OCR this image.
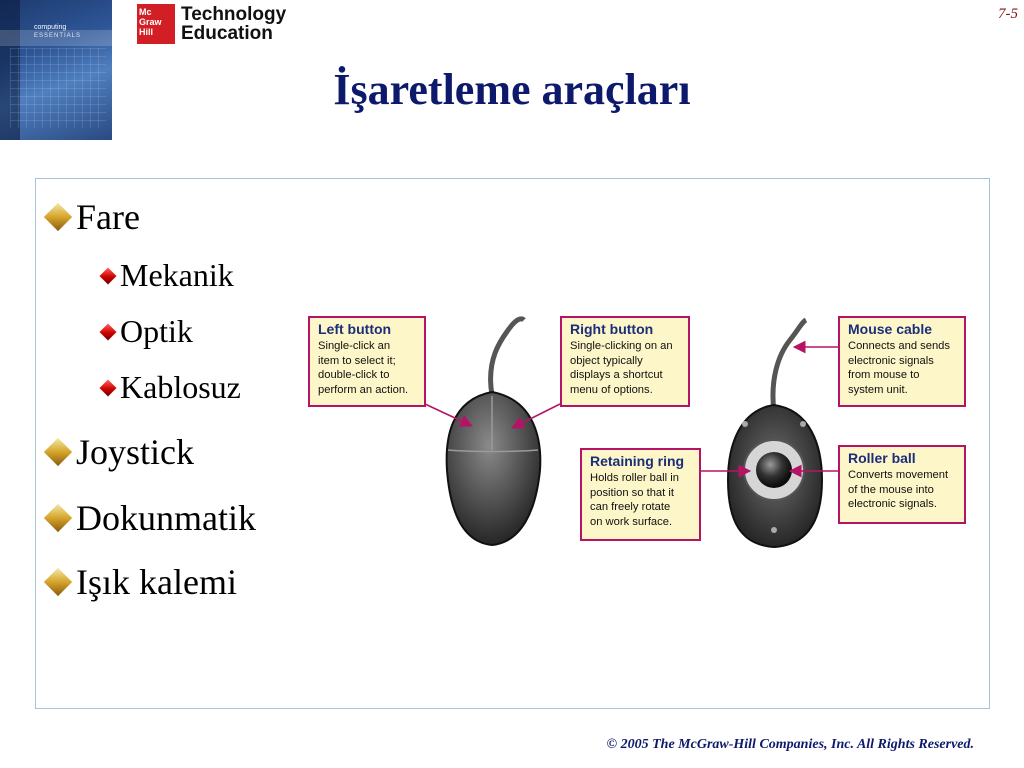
computing
ESSENTIALS
Mc
Graw
Hill
Technology
Education
7-5
İşaretleme araçları
Fare
Mekanik
Optik
Kablosuz
Joystick
Dokunmatik
Işık kalemi
Left button
Single-click an
item to select it;
double-click to
perform an action.
Right button
Single-clicking on an
object typically
displays a shortcut
menu of options.
Mouse cable
Connects and sends
electronic signals
from mouse to
system unit.
Retaining ring
Holds roller ball in
position so that it
can freely rotate
on work surface.
Roller ball
Converts movement
of the mouse into
electronic signals.
© 2005 The McGraw-Hill Companies, Inc. All Rights Reserved.
